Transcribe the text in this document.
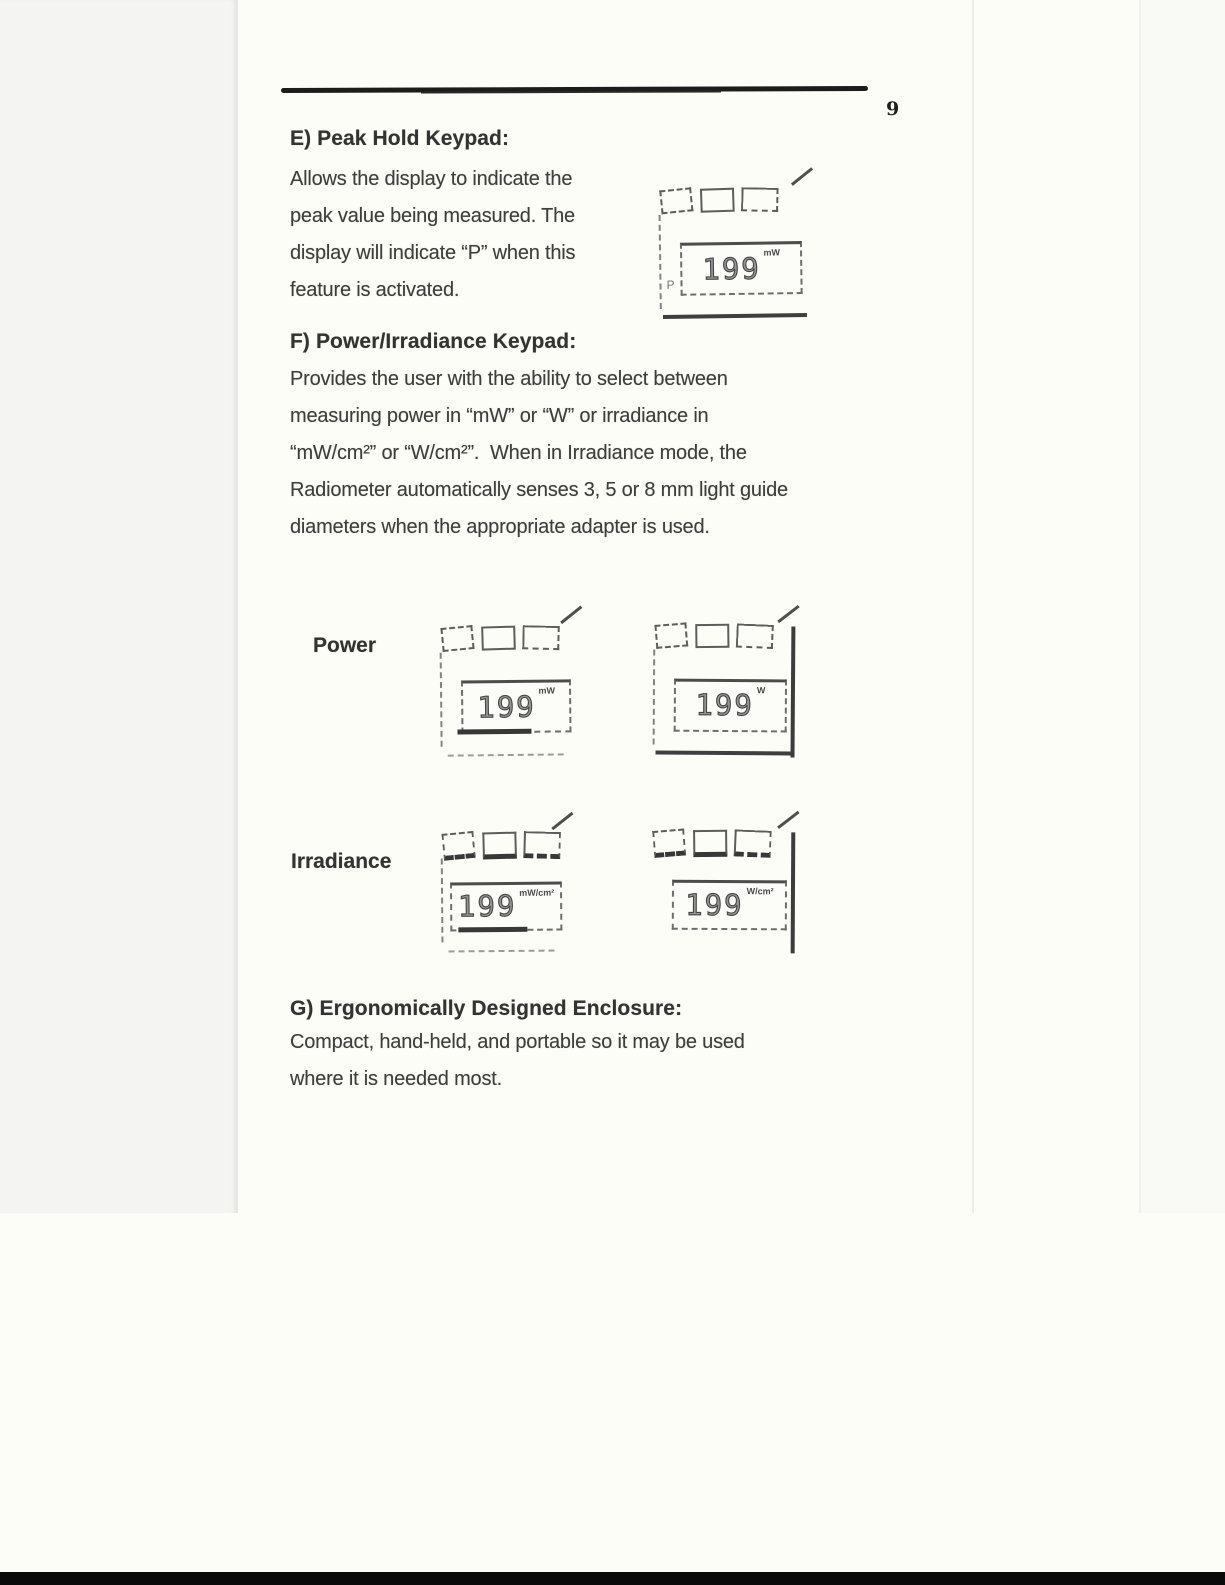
9
E) Peak Hold Keypad:
Allows the display to indicate the
peak value being measured. The
display will indicate “P” when this
feature is activated.	P 199 mW
F) Power/Irradiance Keypad:
Provides the user with the ability to select between
measuring power in “mW” or “W” or irradiance in
“mW/cm²” or “W/cm²”.  When in Irradiance mode, the
Radiometer automatically senses 3, 5 or 8 mm light guide
diameters when the appropriate adapter is used.
Power
199 mW	199 W
Irradiance
199 mW/cm²	199 W/cm²
G) Ergonomically Designed Enclosure:
Compact, hand-held, and portable so it may be used
where it is needed most.
